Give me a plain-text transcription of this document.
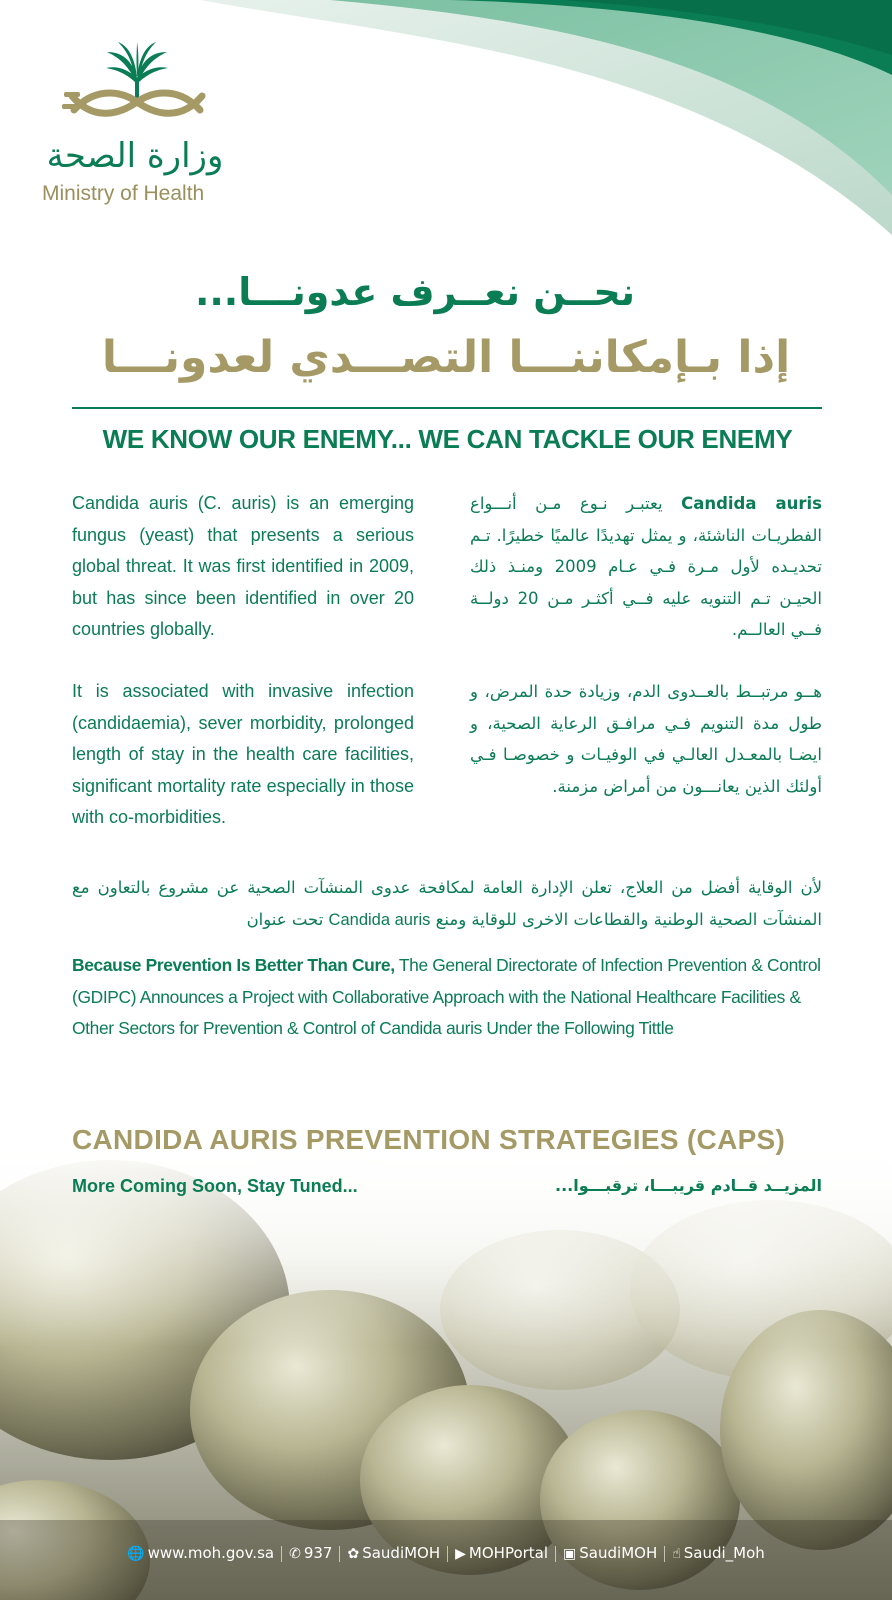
وزارة الصحة
Ministry of Health
نحــن نعــرف عدونـــا...
إذا بـإمكاننـــا التصـــدي لعدونـــا
WE KNOW OUR ENEMY... WE CAN TACKLE OUR ENEMY
Candida auris (C. auris) is an emerging fungus (yeast) that presents a serious global threat. It was first identified in 2009, but has since been identified in over 20 countries globally.
It is associated with invasive infection (candidaemia), sever morbidity, prolonged length of stay in the health care facilities, significant mortality rate especially in those with co-morbidities.
Candida auris يعتبـر نـوع مـن أنـــواع الفطريـات الناشئة، و يمثل تهديدًا عالميًا خطيرًا. تـم تحديـده لأول مـرة فـي عـام 2009 ومنـذ ذلك الحيـن تـم التنويه عليه فــي أكثـر مـن 20 دولــة فــي العالــم.
هــو مرتبــط بالعــدوى الدم، وزيادة حدة المرض، و طول مدة التنويم فـي مرافـق الرعاية الصحية، و ايضـا بالمعـدل العالـي في الوفيـات و خصوصـا فـي أولئك الذين يعانـــون من أمراض مزمنة.
لأن الوقاية أفضل من العلاج، تعلن الإدارة العامة لمكافحة عدوى المنشآت الصحية عن مشروع بالتعاون مع المنشآت الصحية الوطنية والقطاعات الاخرى للوقاية ومنع Candida auris تحت عنوان
Because Prevention Is Better Than Cure, The General Directorate of Infection Prevention & Control (GDIPC) Announces a Project with Collaborative Approach with the National Healthcare Facilities & Other Sectors for Prevention & Control of Candida auris Under the Following Tittle
CANDIDA AURIS PREVENTION STRATEGIES (CAPS)
More Coming Soon, Stay Tuned...	المزيــد قــادم قريبـــا، ترقبـــوا...
🌐 www.moh.gov.sa ✆ 937 ✿ SaudiMOH ▶ MOHPortal ▣ SaudiMOH ☝ Saudi_Moh
